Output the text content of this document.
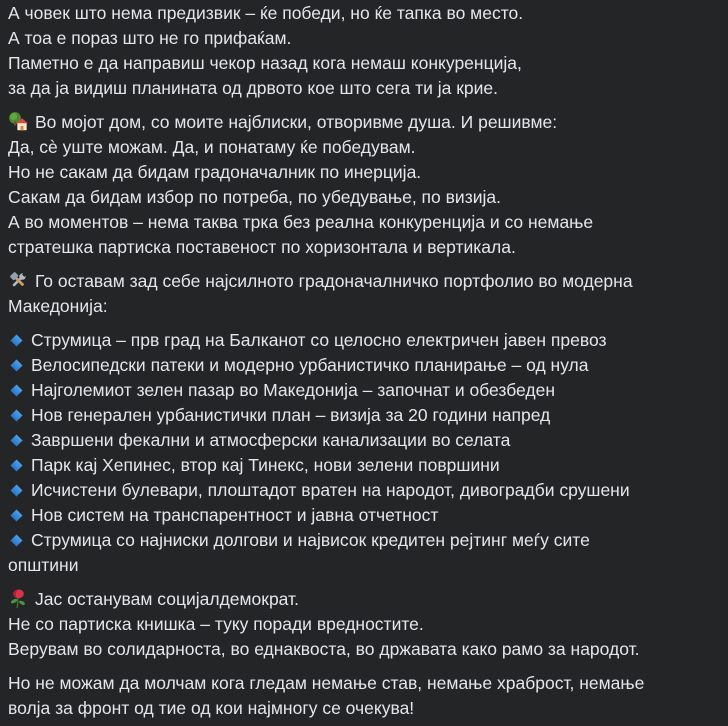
А човек што нема предизвик – ќе победи, но ќе тапка во место.
А тоа е пораз што не го прифаќам.
Паметно е да направиш чекор назад кога немаш конкуренција,
за да ја видиш планината од дрвото кое што сега ти ја крие.
Во мојот дом, со моите најблиски, отворивме душа. И решивме:
Да, сѐ уште можам. Да, и понатаму ќе победувам.
Но не сакам да бидам градоначалник по инерција.
Сакам да бидам избор по потреба, по убедување, по визија.
А во моментов – нема таква трка без реална конкуренција и со немање
стратешка партиска поставеност по хоризонтала и вертикала.
Го оставам зад себе најсилното градоначалничко портфолио во модерна
Македонија:
Струмица – прв град на Балканот со целосно електричен јавен превоз
Велосипедски патеки и модерно урбанистичко планирање – од нула
Најголемиот зелен пазар во Македонија – започнат и обезбеден
Нов генерален урбанистички план – визија за 20 години напред
Завршени фекални и атмосферски канализации во селата
Парк кај Хепинес, втор кај Тинекс, нови зелени површини
Исчистени булевари, плоштадот вратен на народот, дивоградби срушени
Нов систем на транспарентност и јавна отчетност
Струмица со најниски долгови и највисок кредитен рејтинг меѓу сите
општини
Јас останувам социјалдемократ.
Не со партиска книшка – туку поради вредностите.
Верувам во солидарноста, во еднаквоста, во државата како рамо за народот.
Но не можам да молчам кога гледам немање став, немање храброст, немање
волја за фронт од тие од кои најмногу се очекува!
